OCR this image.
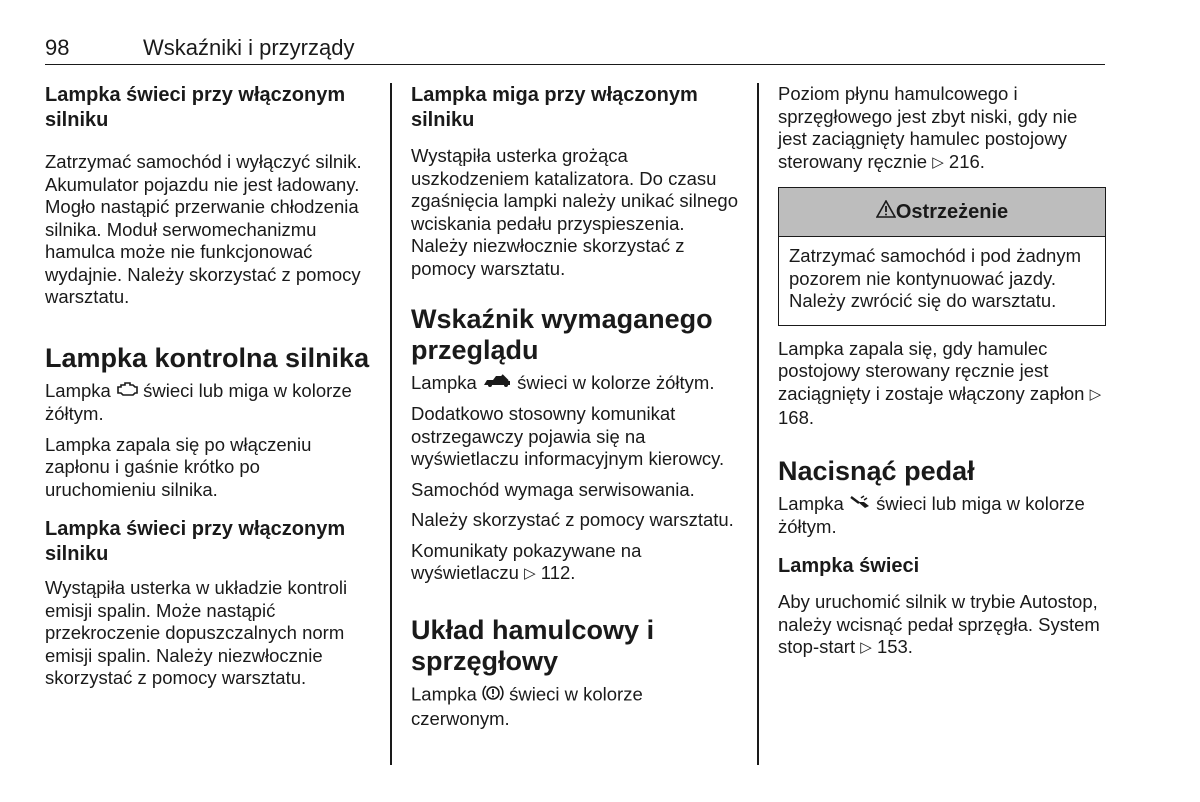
98	Wskaźniki i przyrządy

Lampka świeci przy włączonym silniku

Zatrzymać samochód i wyłączyć silnik. Akumulator pojazdu nie jest ładowany. Mogło nastąpić przerwanie chłodzenia silnika. Moduł serwomechanizmu hamulca może nie funkcjonować wydajnie. Należy skorzystać z pomocy warsztatu.

Lampka kontrolna silnika

Lampka świeci lub miga w kolorze żółtym.

Lampka zapala się po włączeniu zapłonu i gaśnie krótko po uruchomieniu silnika.

Lampka świeci przy włączonym silniku

Wystąpiła usterka w układzie kontroli emisji spalin. Może nastąpić przekroczenie dopuszczalnych norm emisji spalin. Należy niezwłocznie skorzystać z pomocy warsztatu.

Lampka miga przy włączonym silniku

Wystąpiła usterka grożąca uszkodzeniem katalizatora. Do czasu zgaśnięcia lampki należy unikać silnego wciskania pedału przyspieszenia. Należy niezwłocznie skorzystać z pomocy warsztatu.

Wskaźnik wymaganego przeglądu

Lampka świeci w kolorze żółtym.

Dodatkowo stosowny komunikat ostrzegawczy pojawia się na wyświetlaczu informacyjnym kierowcy.

Samochód wymaga serwisowania.

Należy skorzystać z pomocy warsztatu.

Komunikaty pokazywane na wyświetlaczu ▷ 112.

Układ hamulcowy i sprzęgłowy

Lampka świeci w kolorze czerwonym.

Poziom płynu hamulcowego i sprzęgłowego jest zbyt niski, gdy nie jest zaciągnięty hamulec postojowy sterowany ręcznie ▷ 216.

Ostrzeżenie
Zatrzymać samochód i pod żadnym pozorem nie kontynuować jazdy. Należy zwrócić się do warsztatu.

Lampka zapala się, gdy hamulec postojowy sterowany ręcznie jest zaciągnięty i zostaje włączony zapłon ▷ 168.

Nacisnąć pedał

Lampka świeci lub miga w kolorze żółtym.

Lampka świeci

Aby uruchomić silnik w trybie Autostop, należy wcisnąć pedał sprzęgła. System stop-start ▷ 153.
